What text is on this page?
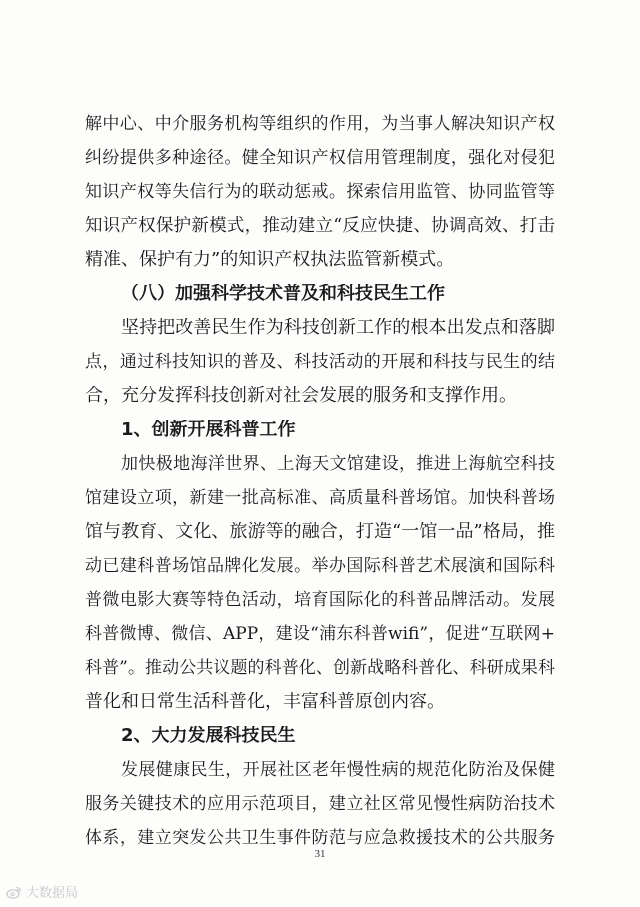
解中心、中介服务机构等组织的作用，为当事人解决知识产权
纠纷提供多种途径。健全知识产权信用管理制度，强化对侵犯
知识产权等失信行为的联动惩戒。探索信用监管、协同监管等
知识产权保护新模式，推动建立“反应快捷、协调高效、打击
精准、保护有力”的知识产权执法监管新模式。
（八）加强科学技术普及和科技民生工作
坚持把改善民生作为科技创新工作的根本出发点和落脚
点，通过科技知识的普及、科技活动的开展和科技与民生的结
合，充分发挥科技创新对社会发展的服务和支撑作用。
1、创新开展科普工作
加快极地海洋世界、上海天文馆建设，推进上海航空科技
馆建设立项，新建一批高标准、高质量科普场馆。加快科普场
馆与教育、文化、旅游等的融合，打造“一馆一品”格局，推
动已建科普场馆品牌化发展。举办国际科普艺术展演和国际科
普微电影大赛等特色活动，培育国际化的科普品牌活动。发展
科普微博、微信、APP，建设“浦东科普wifi”，促进“互联网+
科普”。推动公共议题的科普化、创新战略科普化、科研成果科
普化和日常生活科普化，丰富科普原创内容。
2、大力发展科技民生
发展健康民生，开展社区老年慢性病的规范化防治及保健
服务关键技术的应用示范项目，建立社区常见慢性病防治技术
体系，建立突发公共卫生事件防范与应急救援技术的公共服务
31
大数据局
